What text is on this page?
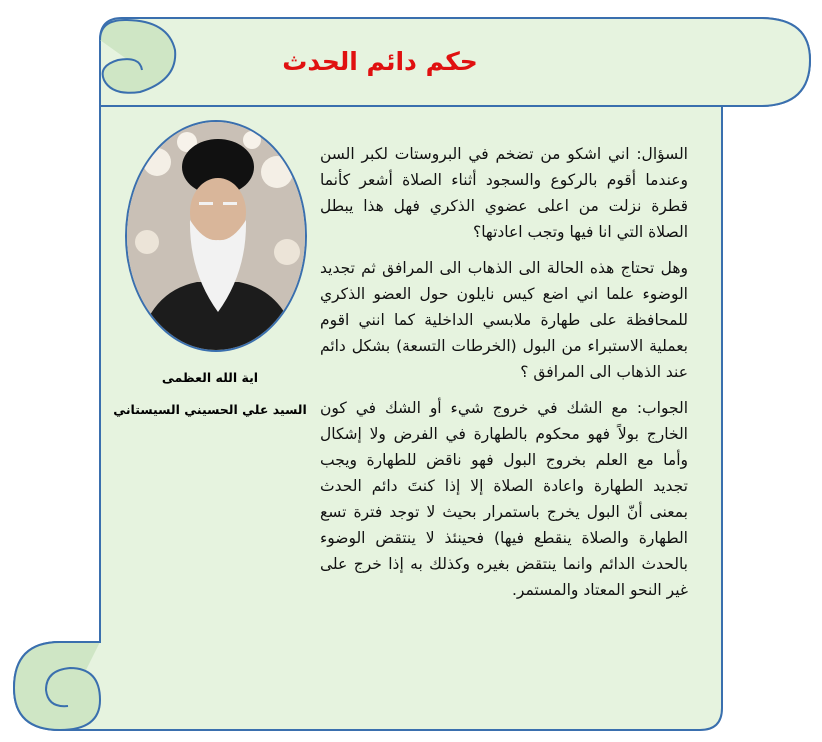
حكم دائم الحدث
اية الله العظمى
السيد علي الحسيني السيستاني

السؤال: اني اشكو من تضخم في البروستات لكبر السن وعندما أقوم بالركوع والسجود أثناء الصلاة أشعر كأنما قطرة نزلت من اعلى عضوي الذكري فهل هذا يبطل الصلاة التي انا فيها وتجب اعادتها؟

وهل تحتاج هذه الحالة الى الذهاب الى المرافق ثم تجديد الوضوء علما اني اضع كيس نايلون حول العضو الذكري للمحافظة على طهارة ملابسي الداخلية كما انني اقوم بعملية الاستبراء من البول (الخرطات التسعة) بشكل دائم عند الذهاب الى المرافق ؟

الجواب: مع الشك في خروج شيء أو الشك في كون الخارج بولاً فهو محكوم بالطهارة في الفرض ولا إشكال وأما مع العلم بخروج البول فهو ناقض للطهارة ويجب تجديد الطهارة واعادة الصلاة إلا إذا كنتَ دائم الحدث بمعنى أنّ البول يخرج باستمرار بحيث لا توجد فترة تسع الطهارة والصلاة ينقطع فيها) فحينئذ لا ينتقض الوضوء بالحدث الدائم وانما ينتقض بغيره وكذلك به إذا خرج على غير النحو المعتاد والمستمر.
